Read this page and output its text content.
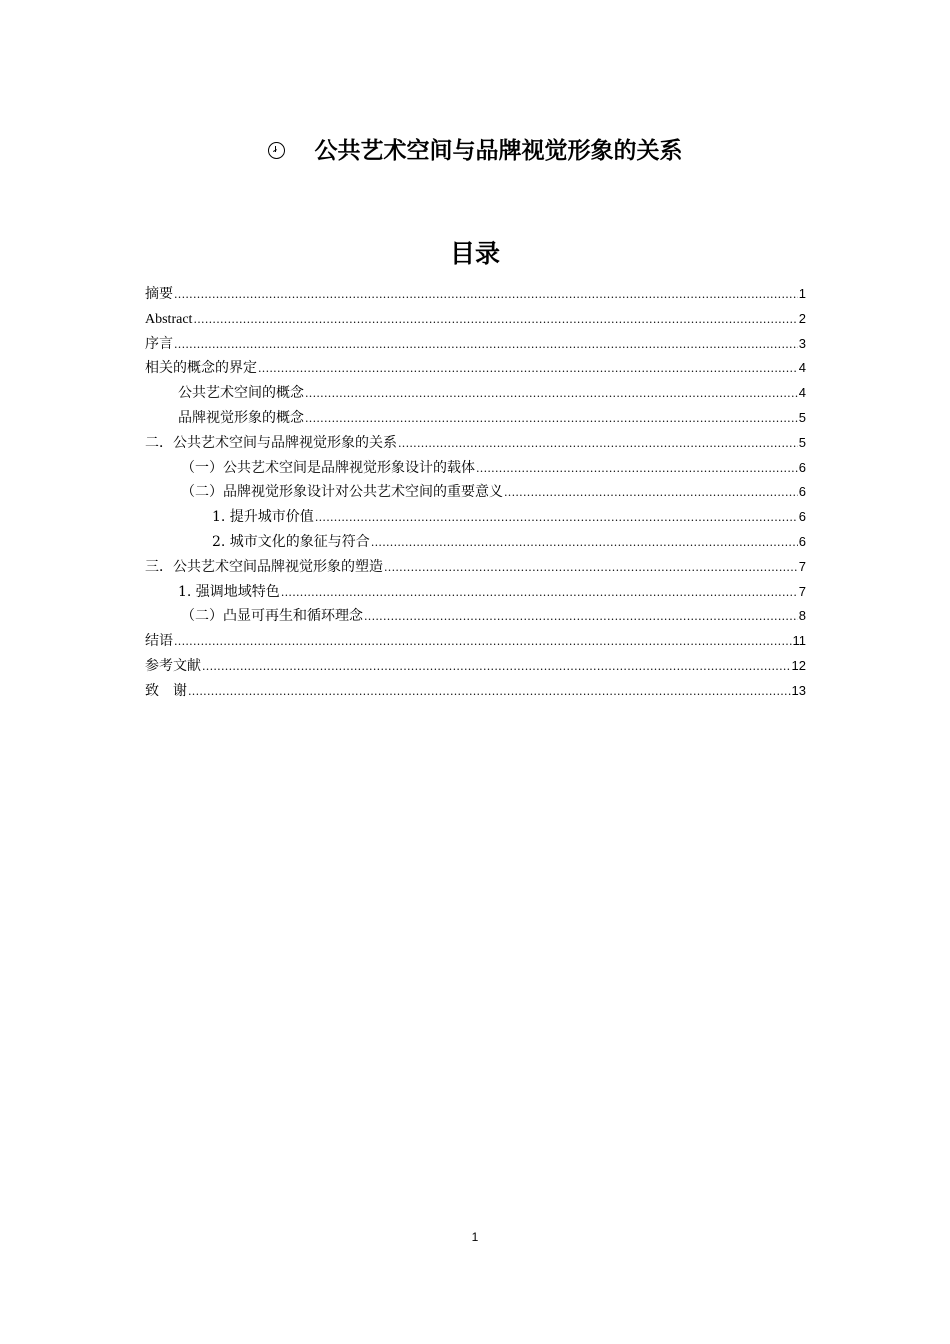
公共艺术空间与品牌视觉形象的关系
目录
摘要 .....	1
Abstract .....	2
序言 .....	3
相关的概念的界定 .....	4
公共艺术空间的概念 .....	4
品牌视觉形象的概念 .....	5
二．公共艺术空间与品牌视觉形象的关系 .....	5
（一）公共艺术空间是品牌视觉形象设计的载体 .....	6
（二）品牌视觉形象设计对公共艺术空间的重要意义 .....	6
1. 提升城市价值 .....	6
2. 城市文化的象征与符合 .....	6
三．公共艺术空间品牌视觉形象的塑造 .....	7
1. 强调地域特色 .....	7
（二）凸显可再生和循环理念 .....	8
结语 .....	11
参考文献 .....	12
致　谢 .....	13
1
